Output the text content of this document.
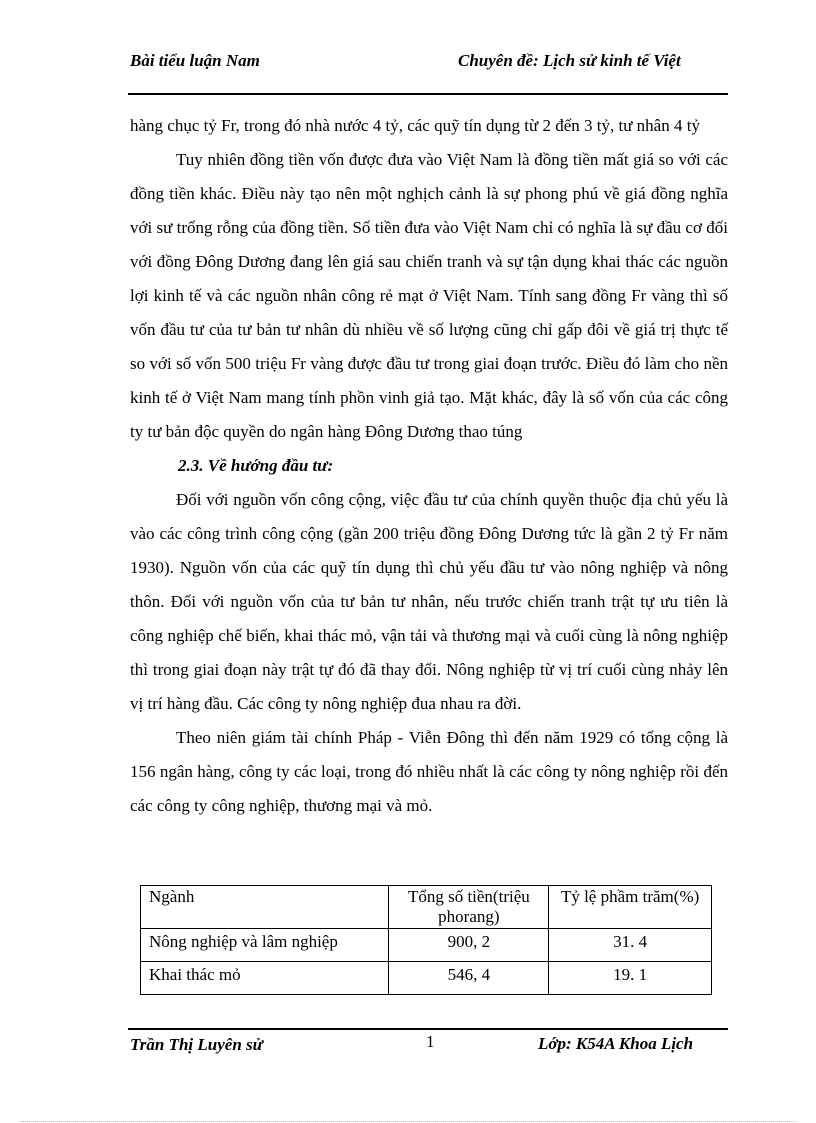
Bài tiểu luận Nam	Chuyên đề: Lịch sử kinh tế Việt

hàng chục tỷ Fr, trong đó nhà nước 4 tỷ, các quỹ tín dụng từ 2 đến 3 tỷ, tư nhân 4 tỷ

Tuy nhiên đồng tiền vốn được đưa vào Việt Nam là đồng tiền mất giá so với các đồng tiền khác. Điều này tạo nên một nghịch cảnh là sự phong phú về giá đồng nghĩa với sư trống rỗng của đồng tiền. Số tiền đưa vào Việt Nam chỉ có nghĩa là sự đầu cơ đối với đồng Đông Dương đang lên giá sau chiến tranh và sự tận dụng khai thác các nguồn lợi kinh tế và các nguồn nhân công rẻ mạt ở Việt Nam. Tính sang đồng Fr vàng thì số vốn đầu tư của tư bản tư nhân dù nhiều về số lượng cũng chỉ gấp đôi về giá trị thực tế so với số vốn 500 triệu Fr vàng được đầu tư trong giai đoạn trước. Điều đó làm cho nền kinh tế ở Việt Nam mang tính phồn vinh giả tạo. Mặt khác, đây là số vốn của các công ty tư bản độc quyền do ngân hàng Đông Dương thao túng

2.3. Về hướng đầu tư:

Đối với nguồn vốn công cộng, việc đầu tư của chính quyền thuộc địa chủ yếu là vào các công trình công cộng (gần 200 triệu đồng Đông Dương tức là gần 2 tỷ Fr năm 1930). Nguồn vốn của các quỹ tín dụng thì chủ yếu đầu tư vào nông nghiệp và nông thôn. Đối với nguồn vốn của tư bản tư nhân, nếu trước chiến tranh trật tự ưu tiên là công nghiệp chế biến, khai thác mỏ, vận tải và thương mại và cuối cùng là nông nghiệp thì trong giai đoạn này trật tự đó đã thay đổi. Nông nghiệp từ vị trí cuối cùng nhảy lên vị trí hàng đầu. Các công ty nông nghiệp đua nhau ra đời.

Theo niên giám tài chính Pháp - Viễn Đông thì đến năm 1929 có tổng cộng là 156 ngân hàng, công ty các loại, trong đó nhiều nhất là các công ty nông nghiệp rồi đến các công ty công nghiệp, thương mại và mỏ.

Ngành	Tổng số tiền(triệu phorang)	Tỷ lệ phầm trăm(%)
Nông nghiệp và lâm nghiệp	900, 2	31. 4
Khai thác mỏ	546, 4	19. 1
Trần Thị Luyên sử	1	Lớp: K54A Khoa Lịch
